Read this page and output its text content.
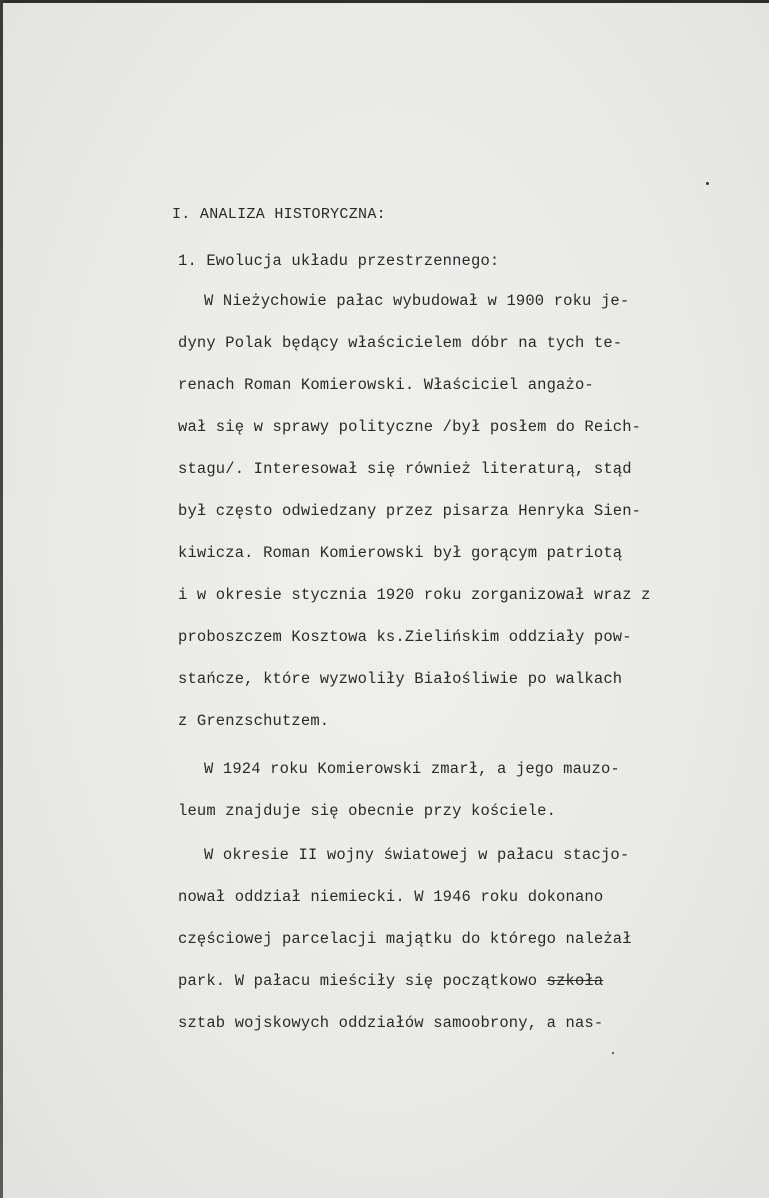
I. ANALIZA HISTORYCZNA:
1. Ewolucja układu przestrzennego:
W Nieżychowie pałac wybudował w 1900 roku je-
dyny Polak będący właścicielem dóbr na tych te-
renach Roman Komierowski. Właściciel angażo-
wał się w sprawy polityczne /był posłem do Reich-
stagu/. Interesował się również literaturą, stąd
był często odwiedzany przez pisarza Henryka Sien-
kiwicza. Roman Komierowski był gorącym patriotą
i w okresie stycznia 1920 roku zorganizował wraz z
proboszczem Kosztowa ks.Zielińskim oddziały pow-
stańcze, które wyzwoliły Białośliwie po walkach
z Grenzschutzem.
W 1924 roku Komierowski zmarł, a jego mauzo-
leum znajduje się obecnie przy kościele.
W okresie II wojny światowej w pałacu stacjo-
nował oddział niemiecki. W 1946 roku dokonano
częściowej parcelacji majątku do którego należał
park. W pałacu mieściły się początkowo szkoła
sztab wojskowych oddziałów samoobrony, a nas-
